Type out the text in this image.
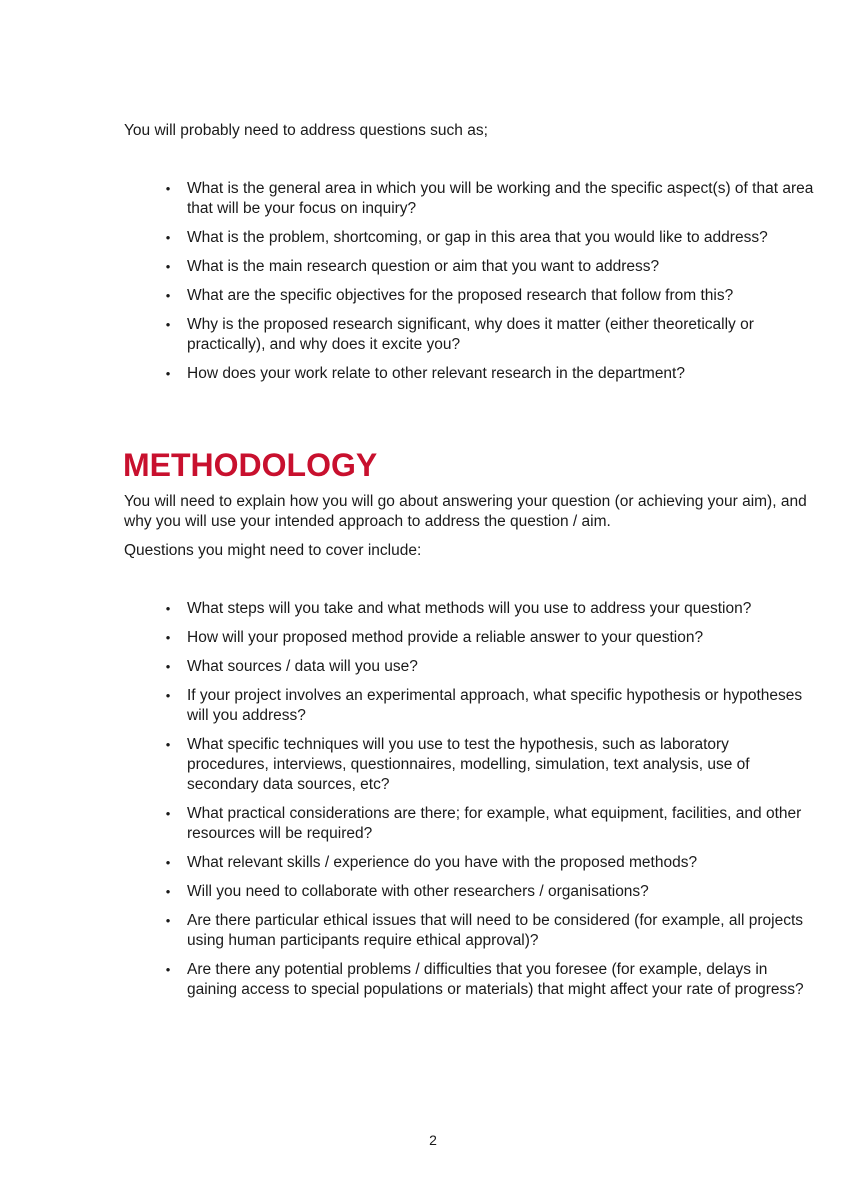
You will probably need to address questions such as;

• What is the general area in which you will be working and the specific aspect(s) of that area that will be your focus on inquiry?
• What is the problem, shortcoming, or gap in this area that you would like to address?
• What is the main research question or aim that you want to address?
• What are the specific objectives for the proposed research that follow from this?
• Why is the proposed research significant, why does it matter (either theoretically or practically), and why does it excite you?
• How does your work relate to other relevant research in the department?
METHODOLOGY

You will need to explain how you will go about answering your question (or achieving your aim), and why you will use your intended approach to address the question / aim.

Questions you might need to cover include:

• What steps will you take and what methods will you use to address your question?
• How will your proposed method provide a reliable answer to your question?
• What sources / data will you use?
• If your project involves an experimental approach, what specific hypothesis or hypotheses will you address?
• What specific techniques will you use to test the hypothesis, such as laboratory procedures, interviews, questionnaires, modelling, simulation, text analysis, use of secondary data sources, etc?
• What practical considerations are there; for example, what equipment, facilities, and other resources will be required?
• What relevant skills / experience do you have with the proposed methods?
• Will you need to collaborate with other researchers / organisations?
• Are there particular ethical issues that will need to be considered (for example, all projects using human participants require ethical approval)?
• Are there any potential problems / difficulties that you foresee (for example, delays in gaining access to special populations or materials) that might affect your rate of progress?

2
